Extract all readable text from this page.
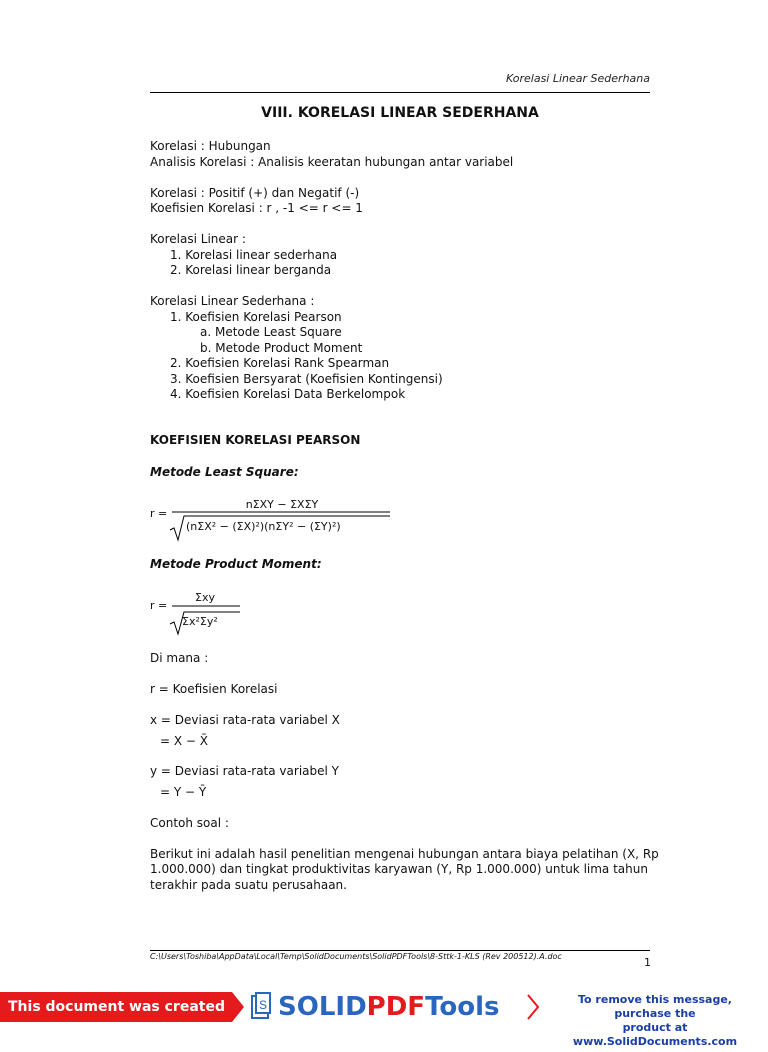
Korelasi Linear Sederhana
VIII. KORELASI LINEAR SEDERHANA
Korelasi : Hubungan
Analisis Korelasi : Analisis keeratan hubungan antar variabel
Korelasi : Positif (+) dan Negatif (-)
Koefisien Korelasi : r , -1 <= r <= 1
Korelasi Linear :
1. Korelasi linear sederhana
2. Korelasi linear berganda
Korelasi Linear Sederhana :
1. Koefisien Korelasi Pearson
a. Metode Least Square
b. Metode Product Moment
2. Koefisien Korelasi Rank Spearman
3. Koefisien Bersyarat (Koefisien Kontingensi)
4. Koefisien Korelasi Data Berkelompok
KOEFISIEN KORELASI PEARSON
Metode Least Square:
r =
nΣXY − ΣXΣY
(nΣX² − (ΣX)²)(nΣY² − (ΣY)²)
Metode Product Moment:
r =
Σxy
Σx²Σy²
Di mana :
r = Koefisien Korelasi
x = Deviasi rata-rata variabel X
= X − X̄
y = Deviasi rata-rata variabel Y
= Y − Ȳ
Contoh soal :
Berikut ini adalah hasil penelitian mengenai hubungan antara biaya pelatihan (X, Rp
1.000.000) dan tingkat produktivitas karyawan (Y, Rp 1.000.000) untuk lima tahun
terakhir pada suatu perusahaan.
C:\Users\Toshiba\AppData\Local\Temp\SolidDocuments\SolidPDFTools\8-Sttk-1-KLS (Rev 200512).A.doc	1
This document was created using
S SOLIDPDFTools	To remove this message, purchase the
product at www.SolidDocuments.com
